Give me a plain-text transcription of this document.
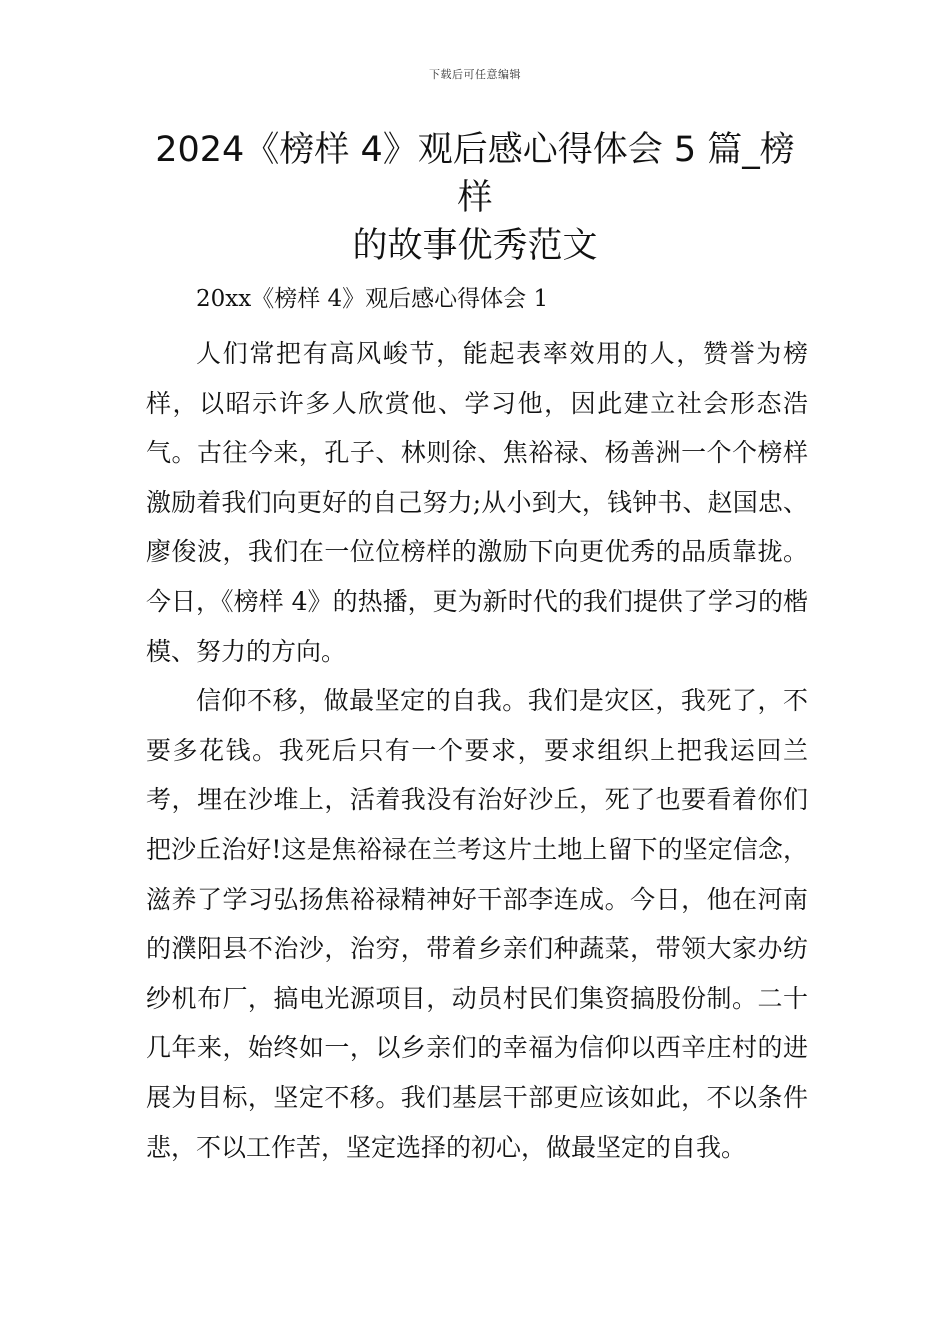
下载后可任意编辑
2024《榜样 4》观后感心得体会 5 篇_榜样
的故事优秀范文
20xx《榜样 4》观后感心得体会 1

人们常把有高风峻节，能起表率效用的人，赞誉为榜样，以昭示许多人欣赏他、学习他，因此建立社会形态浩气。古往今来，孔子、林则徐、焦裕禄、杨善洲一个个榜样激励着我们向更好的自己努力;从小到大，钱钟书、赵国忠、廖俊波，我们在一位位榜样的激励下向更优秀的品质靠拢。今日，《榜样 4》的热播，更为新时代的我们提供了学习的楷模、努力的方向。

信仰不移，做最坚定的自我。我们是灾区，我死了，不要多花钱。我死后只有一个要求，要求组织上把我运回兰考，埋在沙堆上，活着我没有治好沙丘，死了也要看着你们把沙丘治好!这是焦裕禄在兰考这片土地上留下的坚定信念，滋养了学习弘扬焦裕禄精神好干部李连成。今日，他在河南的濮阳县不治沙，治穷，带着乡亲们种蔬菜，带领大家办纺纱机布厂，搞电光源项目，动员村民们集资搞股份制。二十几年来，始终如一，以乡亲们的幸福为信仰以西辛庄村的进展为目标，坚定不移。我们基层干部更应该如此，不以条件悲，不以工作苦，坚定选择的初心，做最坚定的自我。
